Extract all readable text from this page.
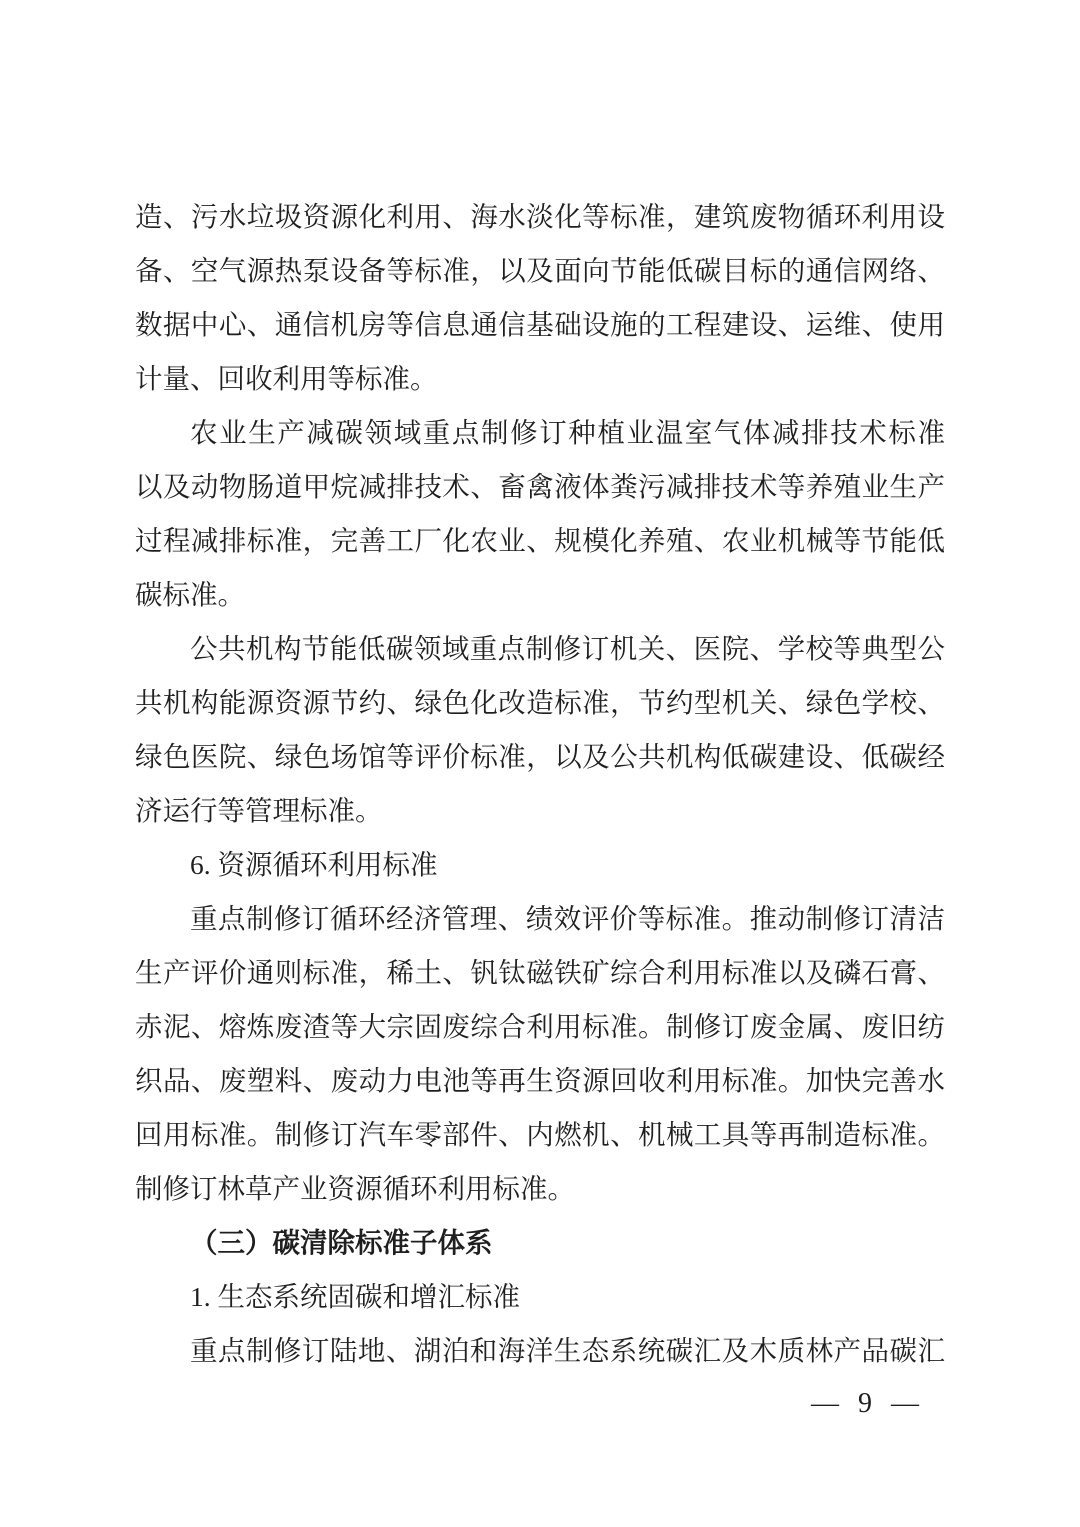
造、污水垃圾资源化利用、海水淡化等标准，建筑废物循环利用设
备、空气源热泵设备等标准，以及面向节能低碳目标的通信网络、
数据中心、通信机房等信息通信基础设施的工程建设、运维、使用
计量、回收利用等标准。
农业生产减碳领域重点制修订种植业温室气体减排技术标准
以及动物肠道甲烷减排技术、畜禽液体粪污减排技术等养殖业生产
过程减排标准，完善工厂化农业、规模化养殖、农业机械等节能低
碳标准。
公共机构节能低碳领域重点制修订机关、医院、学校等典型公
共机构能源资源节约、绿色化改造标准，节约型机关、绿色学校、
绿色医院、绿色场馆等评价标准，以及公共机构低碳建设、低碳经
济运行等管理标准。
6. 资源循环利用标准
重点制修订循环经济管理、绩效评价等标准。推动制修订清洁
生产评价通则标准，稀土、钒钛磁铁矿综合利用标准以及磷石膏、
赤泥、熔炼废渣等大宗固废综合利用标准。制修订废金属、废旧纺
织品、废塑料、废动力电池等再生资源回收利用标准。加快完善水
回用标准。制修订汽车零部件、内燃机、机械工具等再制造标准。
制修订林草产业资源循环利用标准。
（三）碳清除标准子体系
1. 生态系统固碳和增汇标准
重点制修订陆地、湖泊和海洋生态系统碳汇及木质林产品碳汇
— 9 —
